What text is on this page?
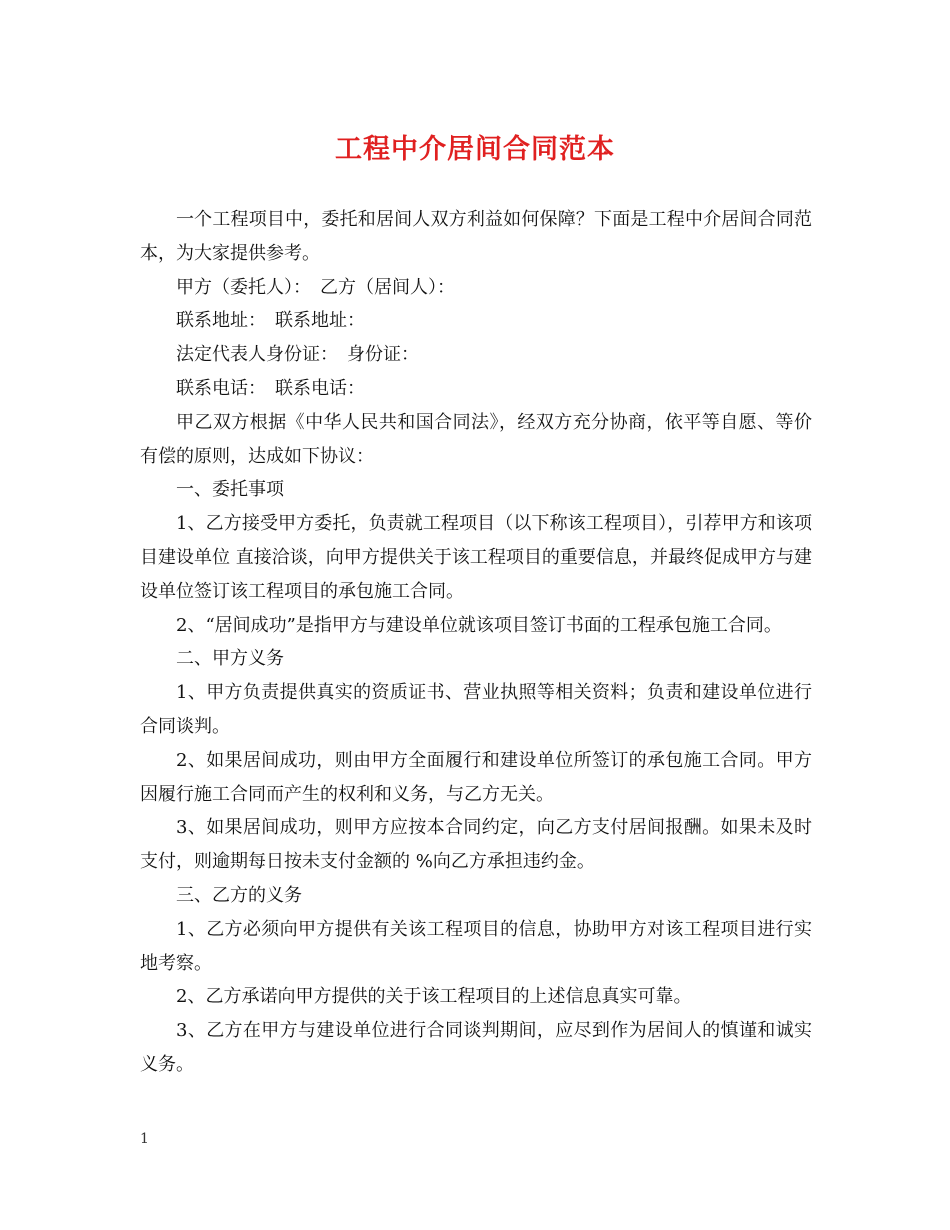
工程中介居间合同范本

一个工程项目中，委托和居间人双方利益如何保障？下面是工程中介居间合同范本，为大家提供参考。

甲方（委托人）：　乙方（居间人）：

联系地址：　联系地址：

法定代表人身份证：　身份证：

联系电话：　联系电话：

甲乙双方根据《中华人民共和国合同法》，经双方充分协商，依平等自愿、等价有偿的原则，达成如下协议：

一、委托事项

1、乙方接受甲方委托，负责就工程项目（以下称该工程项目），引荐甲方和该项目建设单位 直接洽谈，向甲方提供关于该工程项目的重要信息，并最终促成甲方与建设单位签订该工程项目的承包施工合同。

2、“居间成功”是指甲方与建设单位就该项目签订书面的工程承包施工合同。

二、甲方义务

1、甲方负责提供真实的资质证书、营业执照等相关资料；负责和建设单位进行合同谈判。

2、如果居间成功，则由甲方全面履行和建设单位所签订的承包施工合同。甲方因履行施工合同而产生的权利和义务，与乙方无关。

3、如果居间成功，则甲方应按本合同约定，向乙方支付居间报酬。如果未及时支付，则逾期每日按未支付金额的 %向乙方承担违约金。

三、乙方的义务

1、乙方必须向甲方提供有关该工程项目的信息，协助甲方对该工程项目进行实地考察。

2、乙方承诺向甲方提供的关于该工程项目的上述信息真实可靠。

3、乙方在甲方与建设单位进行合同谈判期间，应尽到作为居间人的慎谨和诚实义务。

1
